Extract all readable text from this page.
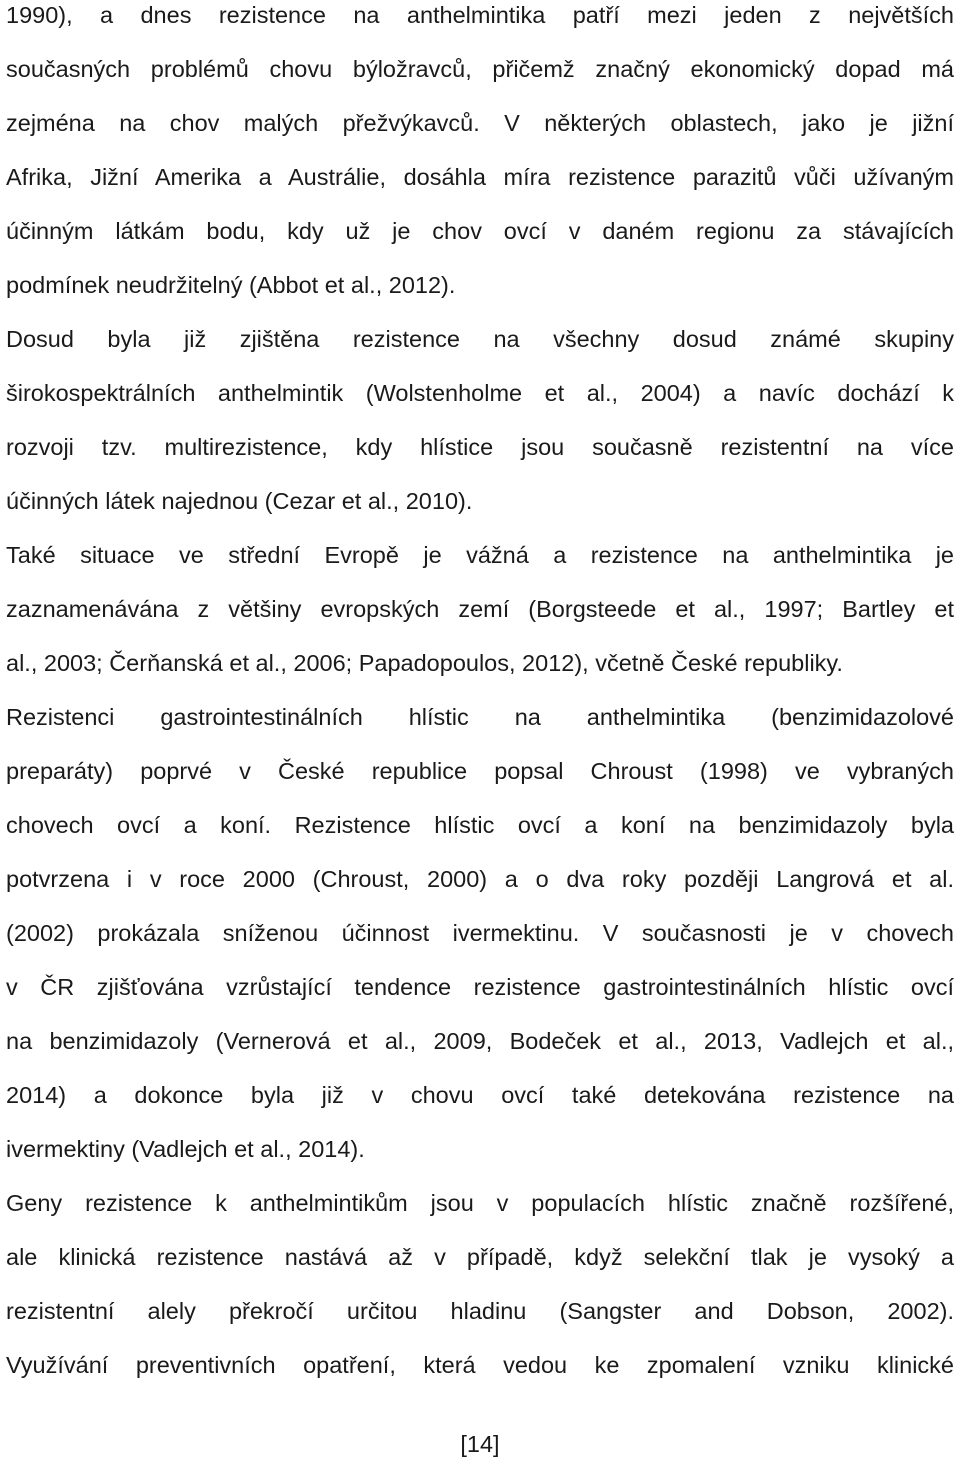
1990), a dnes rezistence na anthelmintika patří mezi jeden z největších
současných problémů chovu býložravců, přičemž značný ekonomický dopad má
zejména na chov malých přežvýkavců. V některých oblastech, jako je jižní
Afrika, Jižní Amerika a Austrálie, dosáhla míra rezistence parazitů vůči užívaným
účinným látkám bodu, kdy už je chov ovcí v daném regionu za stávajících
podmínek neudržitelný (Abbot et al., 2012).
Dosud byla již zjištěna rezistence na všechny dosud známé skupiny
širokospektrálních anthelmintik (Wolstenholme et al., 2004) a navíc dochází k
rozvoji tzv. multirezistence, kdy hlístice jsou současně rezistentní na více
účinných látek najednou (Cezar et al., 2010).
Také situace ve střední Evropě je vážná a rezistence na anthelmintika je
zaznamenávána z většiny evropských zemí (Borgsteede et al., 1997; Bartley et
al., 2003; Čerňanská et al., 2006; Papadopoulos, 2012), včetně České republiky.
Rezistenci gastrointestinálních hlístic na anthelmintika (benzimidazolové
preparáty) poprvé v České republice popsal Chroust (1998) ve vybraných
chovech ovcí a koní. Rezistence hlístic ovcí a koní na benzimidazoly byla
potvrzena i v roce 2000 (Chroust, 2000) a o dva roky později Langrová et al.
(2002) prokázala sníženou účinnost ivermektinu. V současnosti je v chovech
v ČR zjišťována vzrůstající tendence rezistence gastrointestinálních hlístic ovcí
na benzimidazoly (Vernerová et al., 2009, Bodeček et al., 2013, Vadlejch et al.,
2014) a dokonce byla již v chovu ovcí také detekována rezistence na
ivermektiny (Vadlejch et al., 2014).
Geny rezistence k anthelmintikům jsou v populacích hlístic značně rozšířené,
ale klinická rezistence nastává až v případě, když selekční tlak je vysoký a
rezistentní alely překročí určitou hladinu (Sangster and Dobson, 2002).
Využívání preventivních opatření, která vedou ke zpomalení vzniku klinické
[14]
